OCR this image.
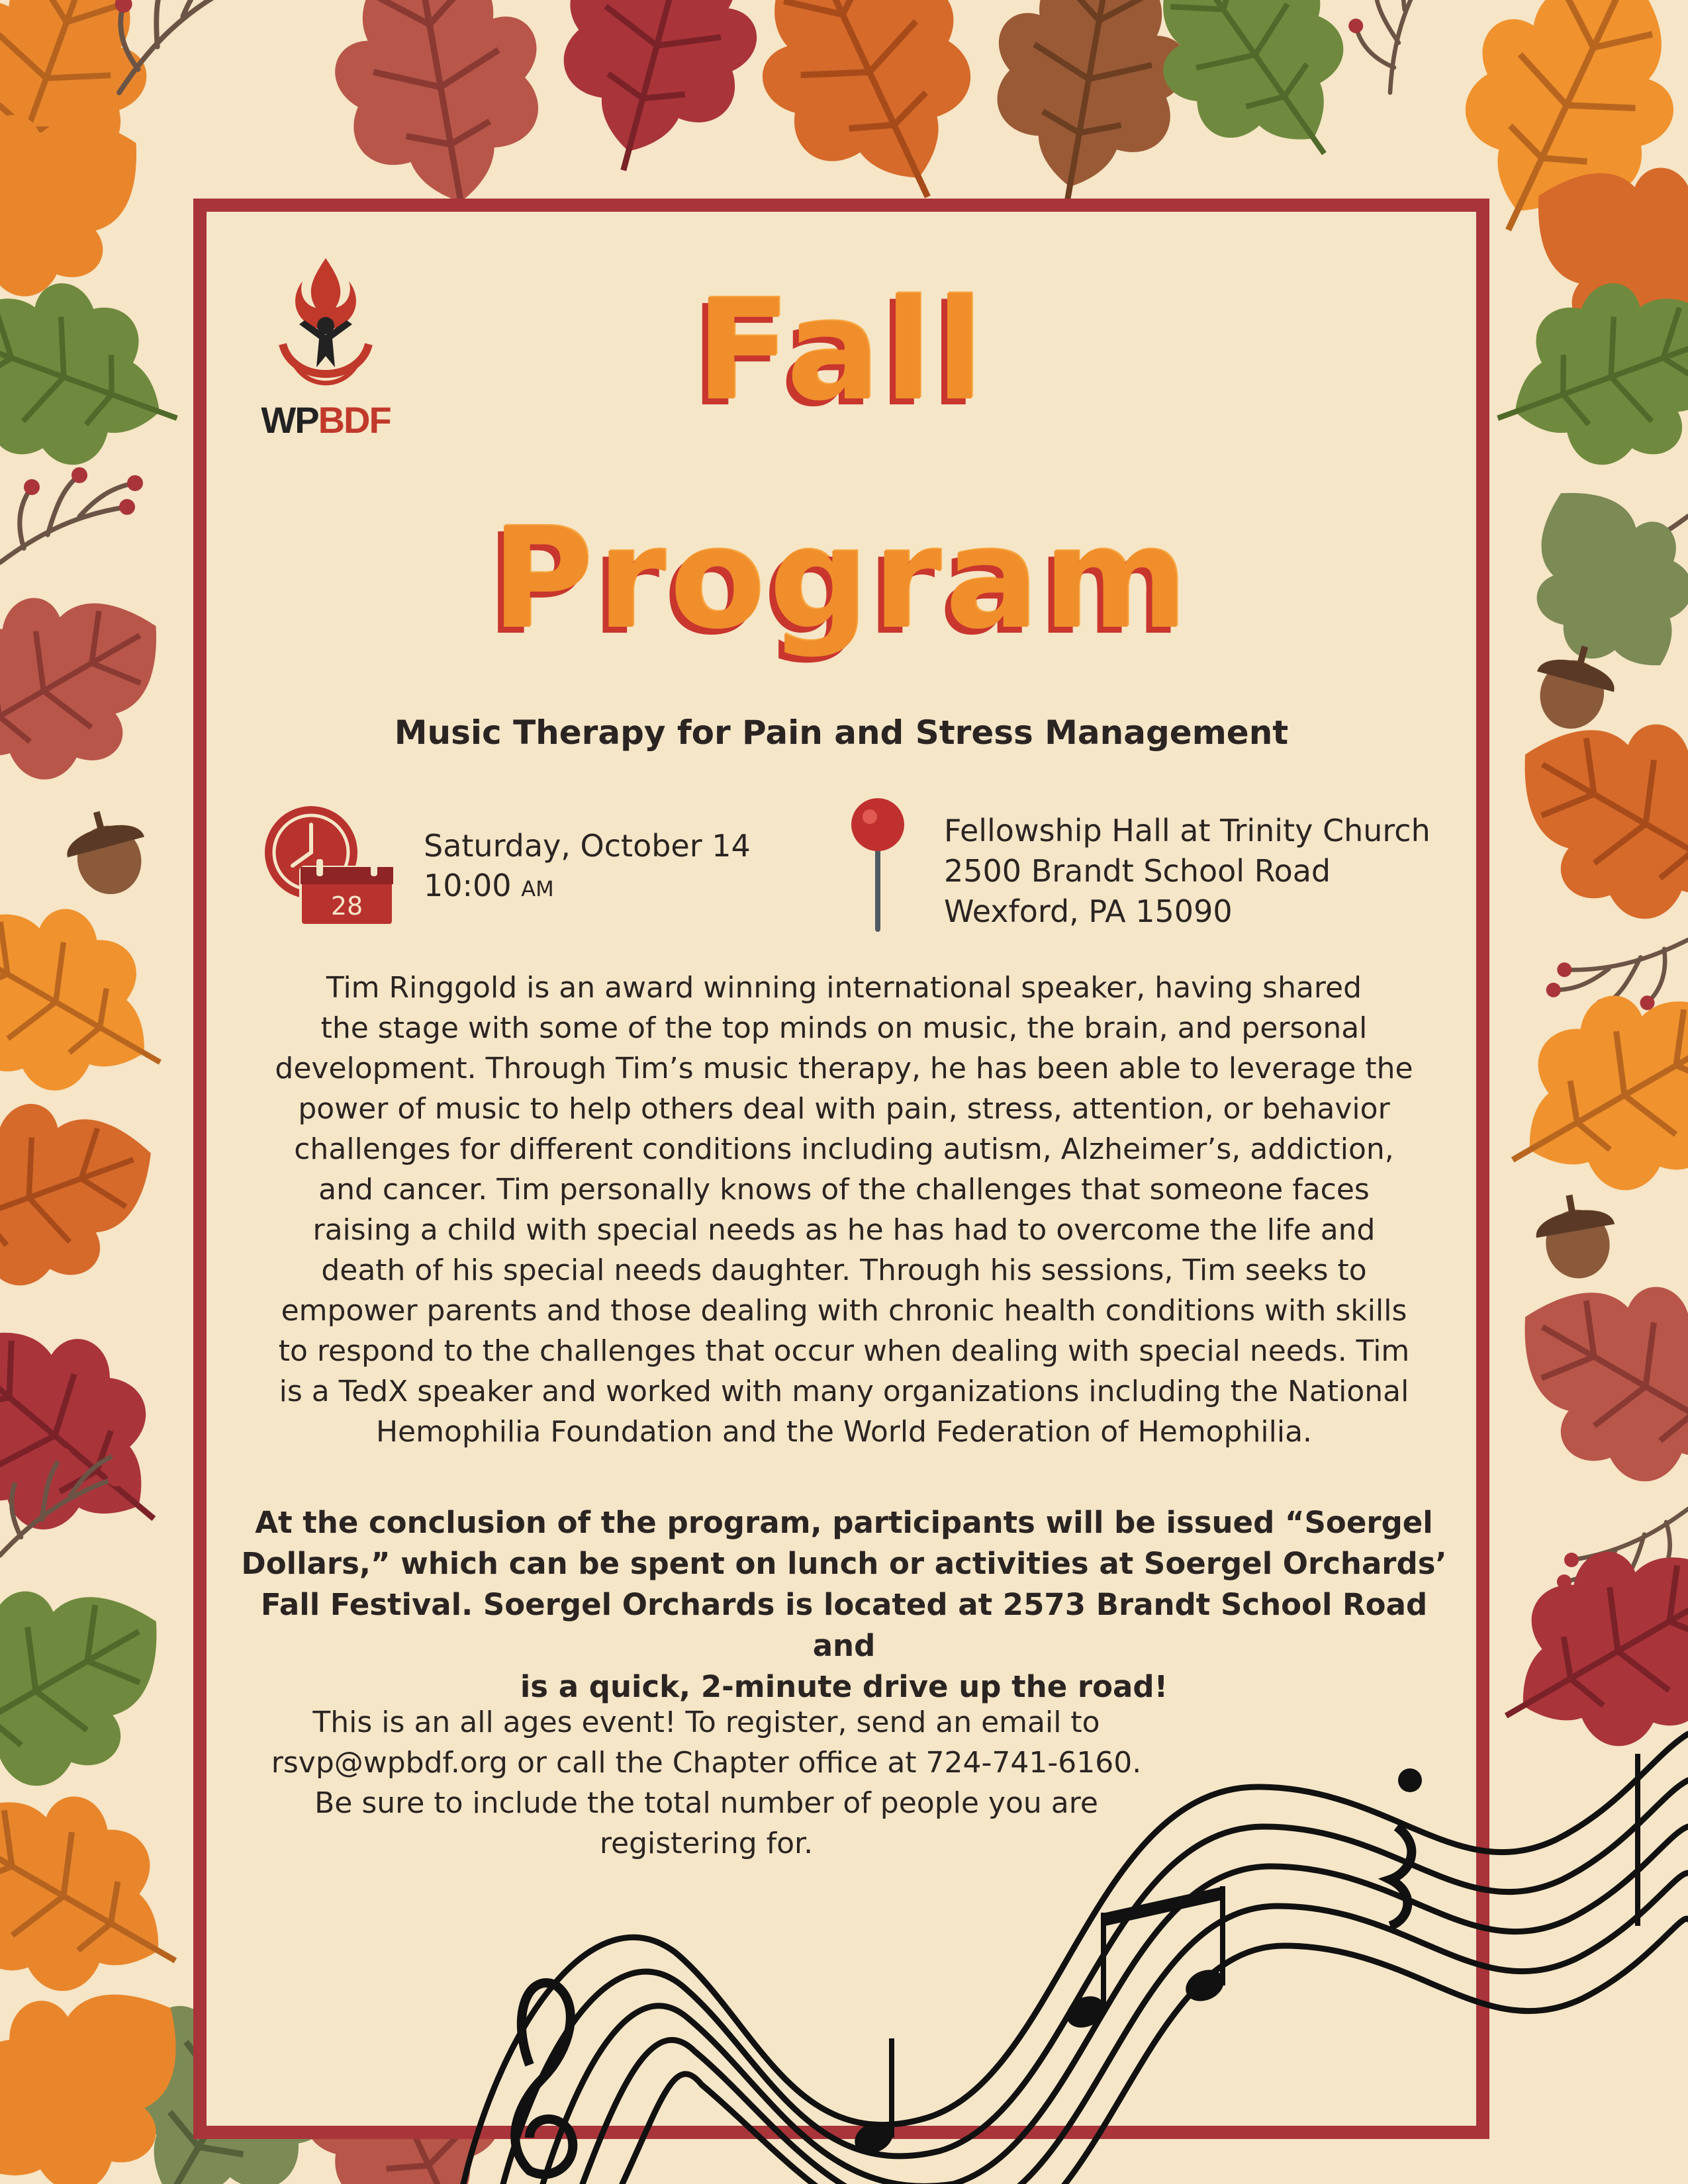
WPBDF	Fall
Program
Music Therapy for Pain and Stress Management
28
Saturday, October 14
10:00 AM
Fellowship Hall at Trinity Church
2500 Brandt School Road
Wexford, PA 15090
Tim Ringgold is an award winning international speaker, having shared
the stage with some of the top minds on music, the brain, and personal
development. Through Tim’s music therapy, he has been able to leverage the
power of music to help others deal with pain, stress, attention, or behavior
challenges for different conditions including autism, Alzheimer’s, addiction,
and cancer. Tim personally knows of the challenges that someone faces
raising a child with special needs as he has had to overcome the life and
death of his special needs daughter. Through his sessions, Tim seeks to
empower parents and those dealing with chronic health conditions with skills
to respond to the challenges that occur when dealing with special needs. Tim
is a TedX speaker and worked with many organizations including the National
Hemophilia Foundation and the World Federation of Hemophilia.
At the conclusion of the program, participants will be issued “Soergel
Dollars,” which can be spent on lunch or activities at Soergel Orchards’
Fall Festival. Soergel Orchards is located at 2573 Brandt School Road and
is a quick, 2-minute drive up the road!
This is an all ages event! To register, send an email to
rsvp@wpbdf.org or call the Chapter office at 724-741-6160.
Be sure to include the total number of people you are
registering for.
